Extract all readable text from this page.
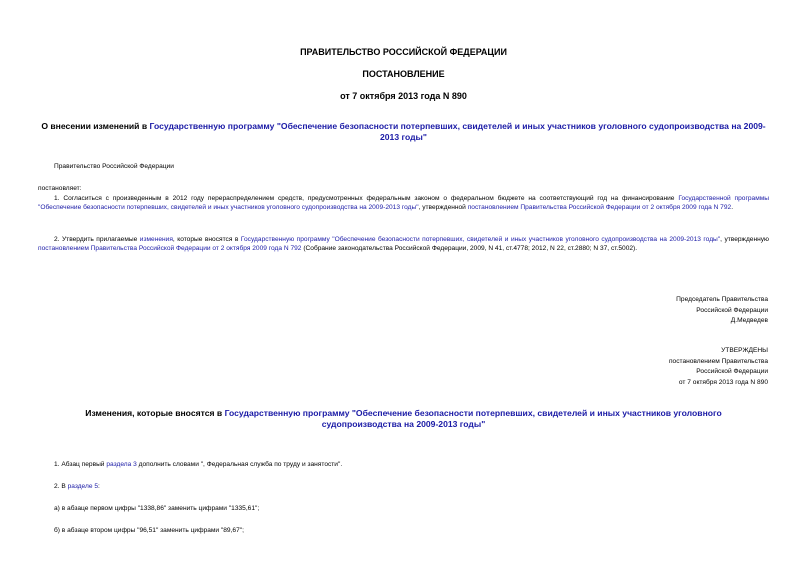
ПРАВИТЕЛЬСТВО РОССИЙСКОЙ ФЕДЕРАЦИИ
ПОСТАНОВЛЕНИЕ
от 7 октября 2013 года N 890
О внесении изменений в Государственную программу "Обеспечение безопасности потерпевших, свидетелей и иных участников уголовного судопроизводства на 2009-2013 годы"
Правительство Российской Федерации
постановляет:
1. Согласиться с произведенным в 2012 году перераспределением средств, предусмотренных федеральным законом о федеральном бюджете на соответствующий год на финансирование Государственной программы "Обеспечение безопасности потерпевших, свидетелей и иных участников уголовного судопроизводства на 2009-2013 годы", утвержденной постановлением Правительства Российской Федерации от 2 октября 2009 года N 792.
2. Утвердить прилагаемые изменения, которые вносятся в Государственную программу "Обеспечение безопасности потерпевших, свидетелей и иных участников уголовного судопроизводства на 2009-2013 годы", утвержденную постановлением Правительства Российской Федерации от 2 октября 2009 года N 792 (Собрание законодательства Российской Федерации, 2009, N 41, ст.4778; 2012, N 22, ст.2880; N 37, ст.5002).
Председатель Правительства
Российской Федерации
Д.Медведев
УТВЕРЖДЕНЫ
постановлением Правительства
Российской Федерации
от 7 октября 2013 года N 890
Изменения, которые вносятся в Государственную программу "Обеспечение безопасности потерпевших, свидетелей и иных участников уголовного судопроизводства на 2009-2013 годы"
1. Абзац первый раздела 3 дополнить словами ", Федеральная служба по труду и занятости".
2. В разделе 5:
а) в абзаце первом цифры "1338,86" заменить цифрами "1335,61";
б) в абзаце втором цифры "96,51" заменить цифрами "89,67";
